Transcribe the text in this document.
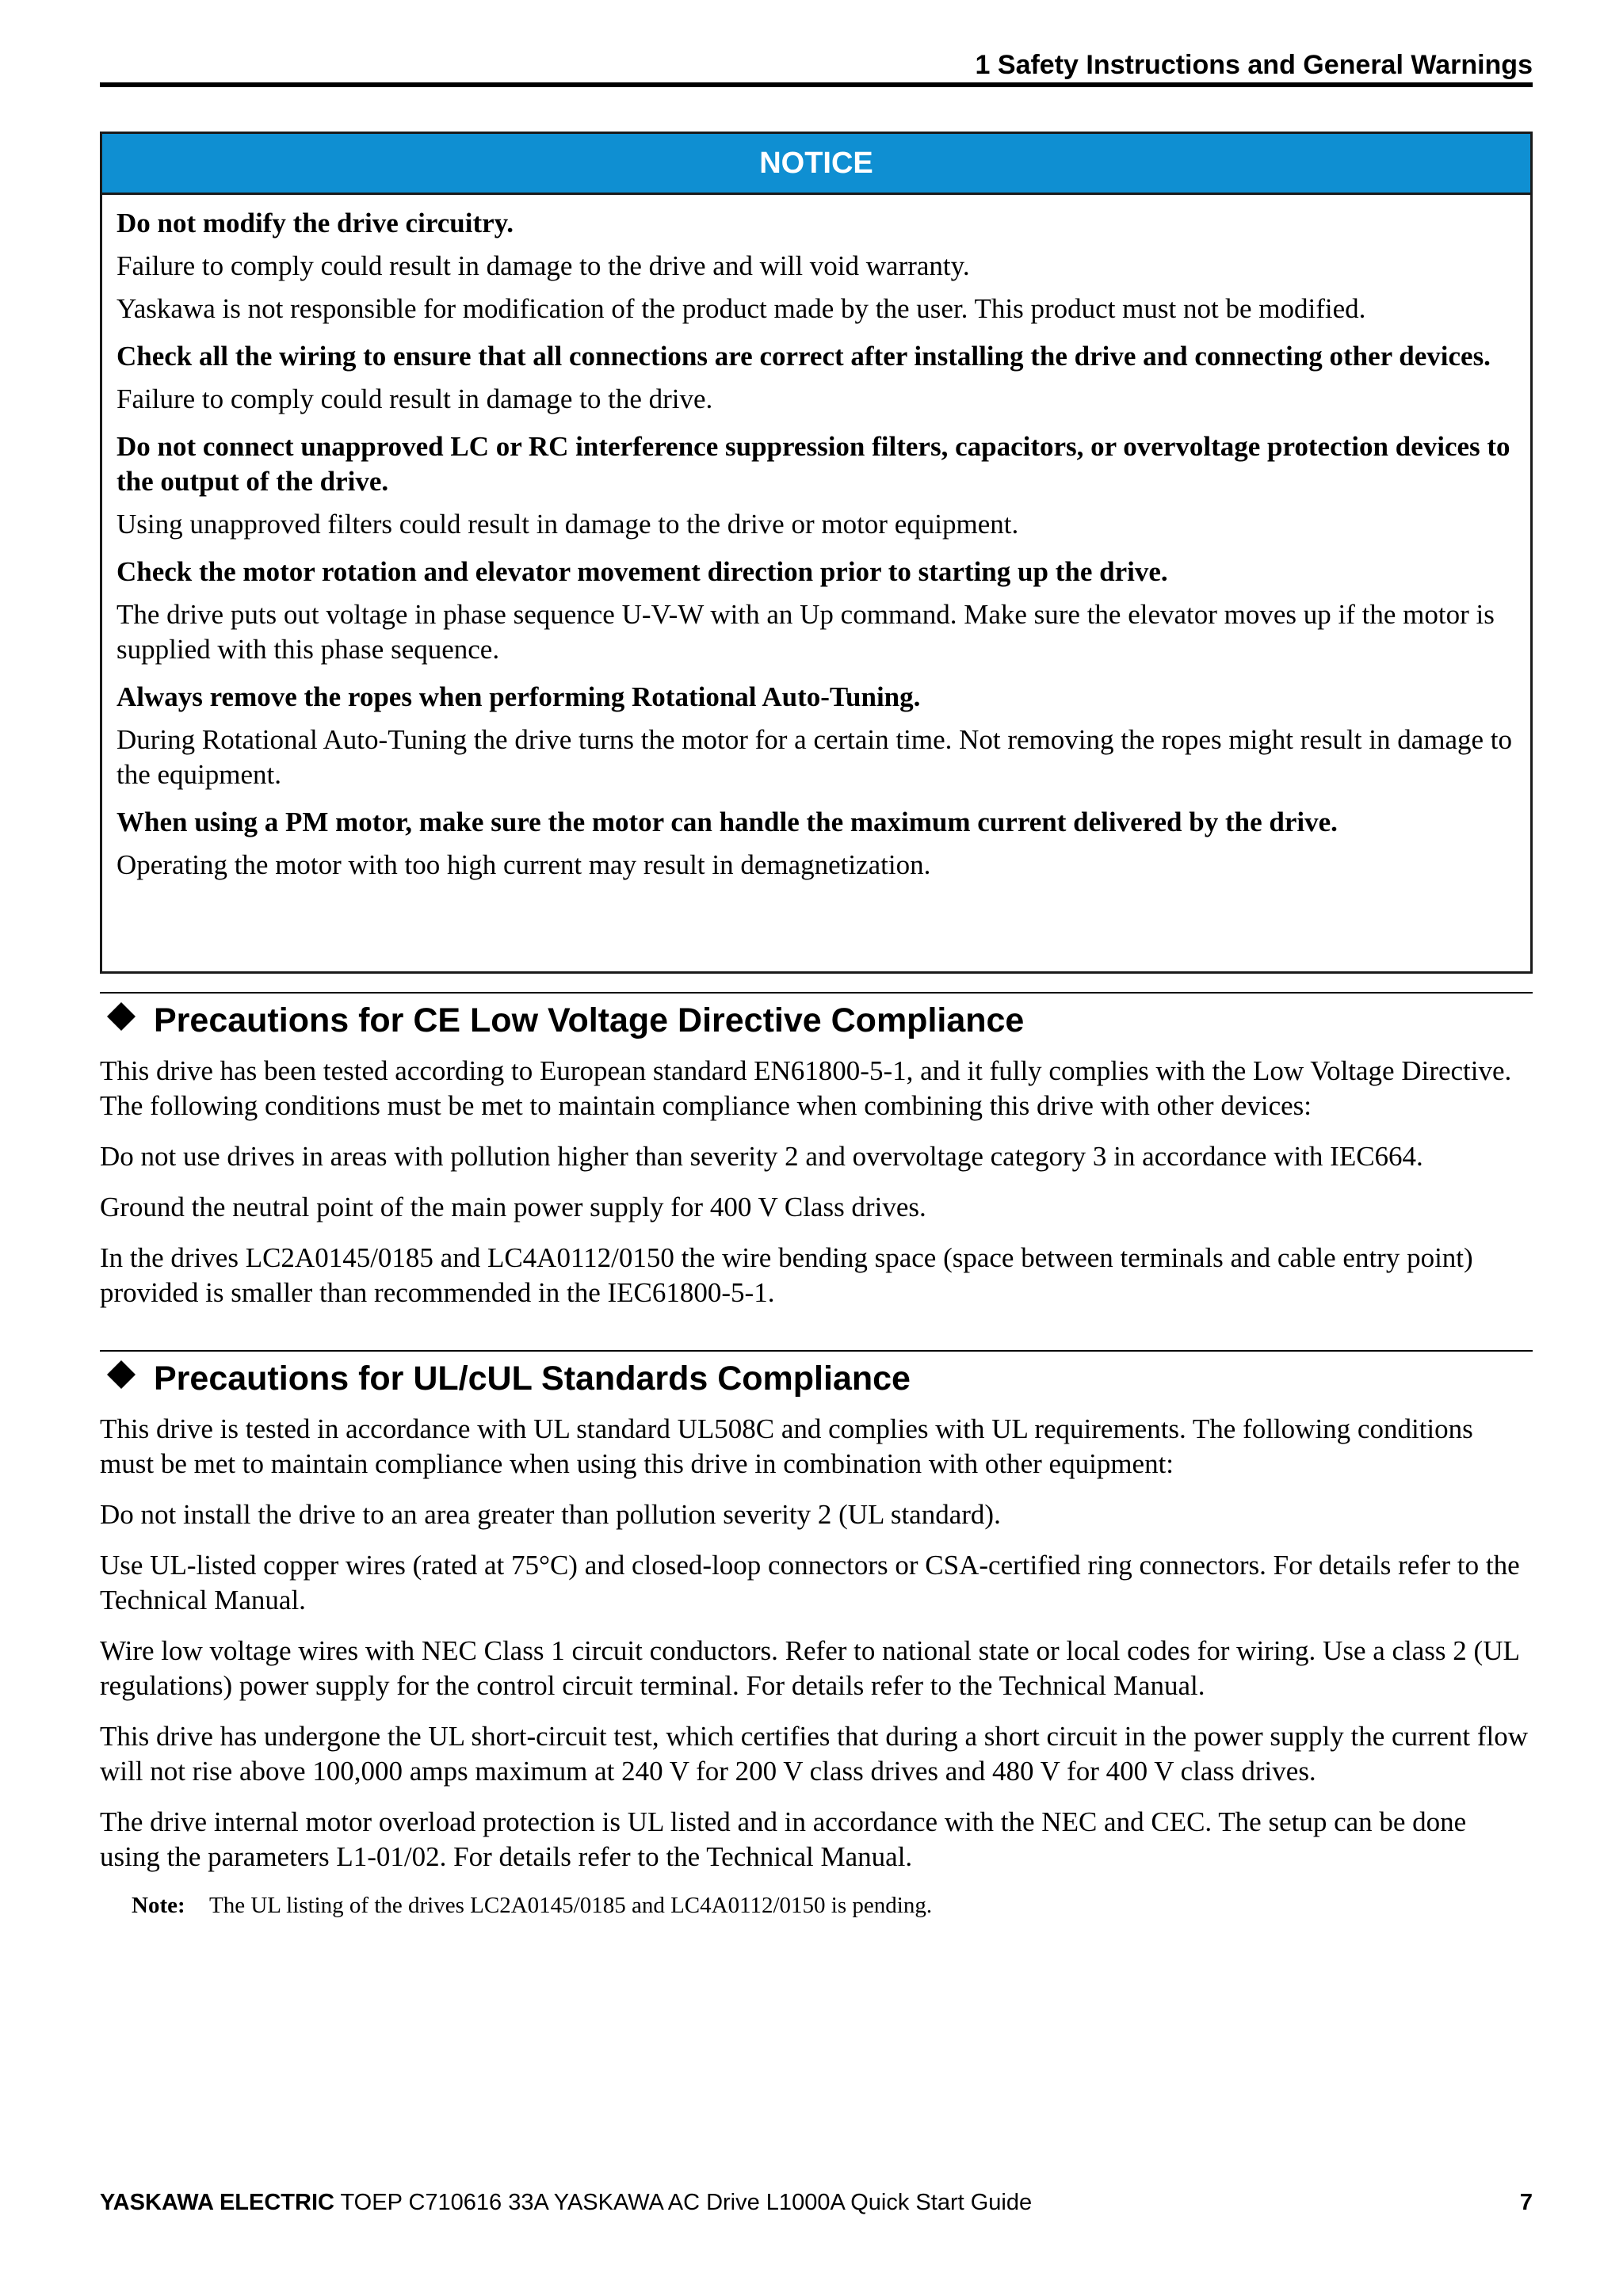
1 Safety Instructions and General Warnings
NOTICE
Do not modify the drive circuitry.

Failure to comply could result in damage to the drive and will void warranty.

Yaskawa is not responsible for modification of the product made by the user. This product must not be modified.

Check all the wiring to ensure that all connections are correct after installing the drive and connecting other devices.

Failure to comply could result in damage to the drive.

Do not connect unapproved LC or RC interference suppression filters, capacitors, or overvoltage protection devices to the output of the drive.

Using unapproved filters could result in damage to the drive or motor equipment.

Check the motor rotation and elevator movement direction prior to starting up the drive.

The drive puts out voltage in phase sequence U-V-W with an Up command. Make sure the elevator moves up if the motor is supplied with this phase sequence.

Always remove the ropes when performing Rotational Auto-Tuning.

During Rotational Auto-Tuning the drive turns the motor for a certain time. Not removing the ropes might result in damage to the equipment.

When using a PM motor, make sure the motor can handle the maximum current delivered by the drive.

Operating the motor with too high current may result in demagnetization.

Precautions for CE Low Voltage Directive Compliance

This drive has been tested according to European standard EN61800-5-1, and it fully complies with the Low Voltage Directive. The following conditions must be met to maintain compliance when combining this drive with other devices:

Do not use drives in areas with pollution higher than severity 2 and overvoltage category 3 in accordance with IEC664.

Ground the neutral point of the main power supply for 400 V Class drives.

In the drives LC2A0145/0185 and LC4A0112/0150 the wire bending space (space between terminals and cable entry point) provided is smaller than recommended in the IEC61800-5-1.

Precautions for UL/cUL Standards Compliance

This drive is tested in accordance with UL standard UL508C and complies with UL requirements. The following conditions must be met to maintain compliance when using this drive in combination with other equipment:

Do not install the drive to an area greater than pollution severity 2 (UL standard).

Use UL-listed copper wires (rated at 75°C) and closed-loop connectors or CSA-certified ring connectors. For details refer to the Technical Manual.

Wire low voltage wires with NEC Class 1 circuit conductors. Refer to national state or local codes for wiring. Use a class 2 (UL regulations) power supply for the control circuit terminal. For details refer to the Technical Manual.

This drive has undergone the UL short-circuit test, which certifies that during a short circuit in the power supply the current flow will not rise above 100,000 amps maximum at 240 V for 200 V class drives and 480 V for 400 V class drives.

The drive internal motor overload protection is UL listed and in accordance with the NEC and CEC. The setup can be done using the parameters L1-01/02. For details refer to the Technical Manual.

Note: The UL listing of the drives LC2A0145/0185 and LC4A0112/0150 is pending.
YASKAWA ELECTRIC TOEP C710616 33A YASKAWA AC Drive L1000A Quick Start Guide	7
